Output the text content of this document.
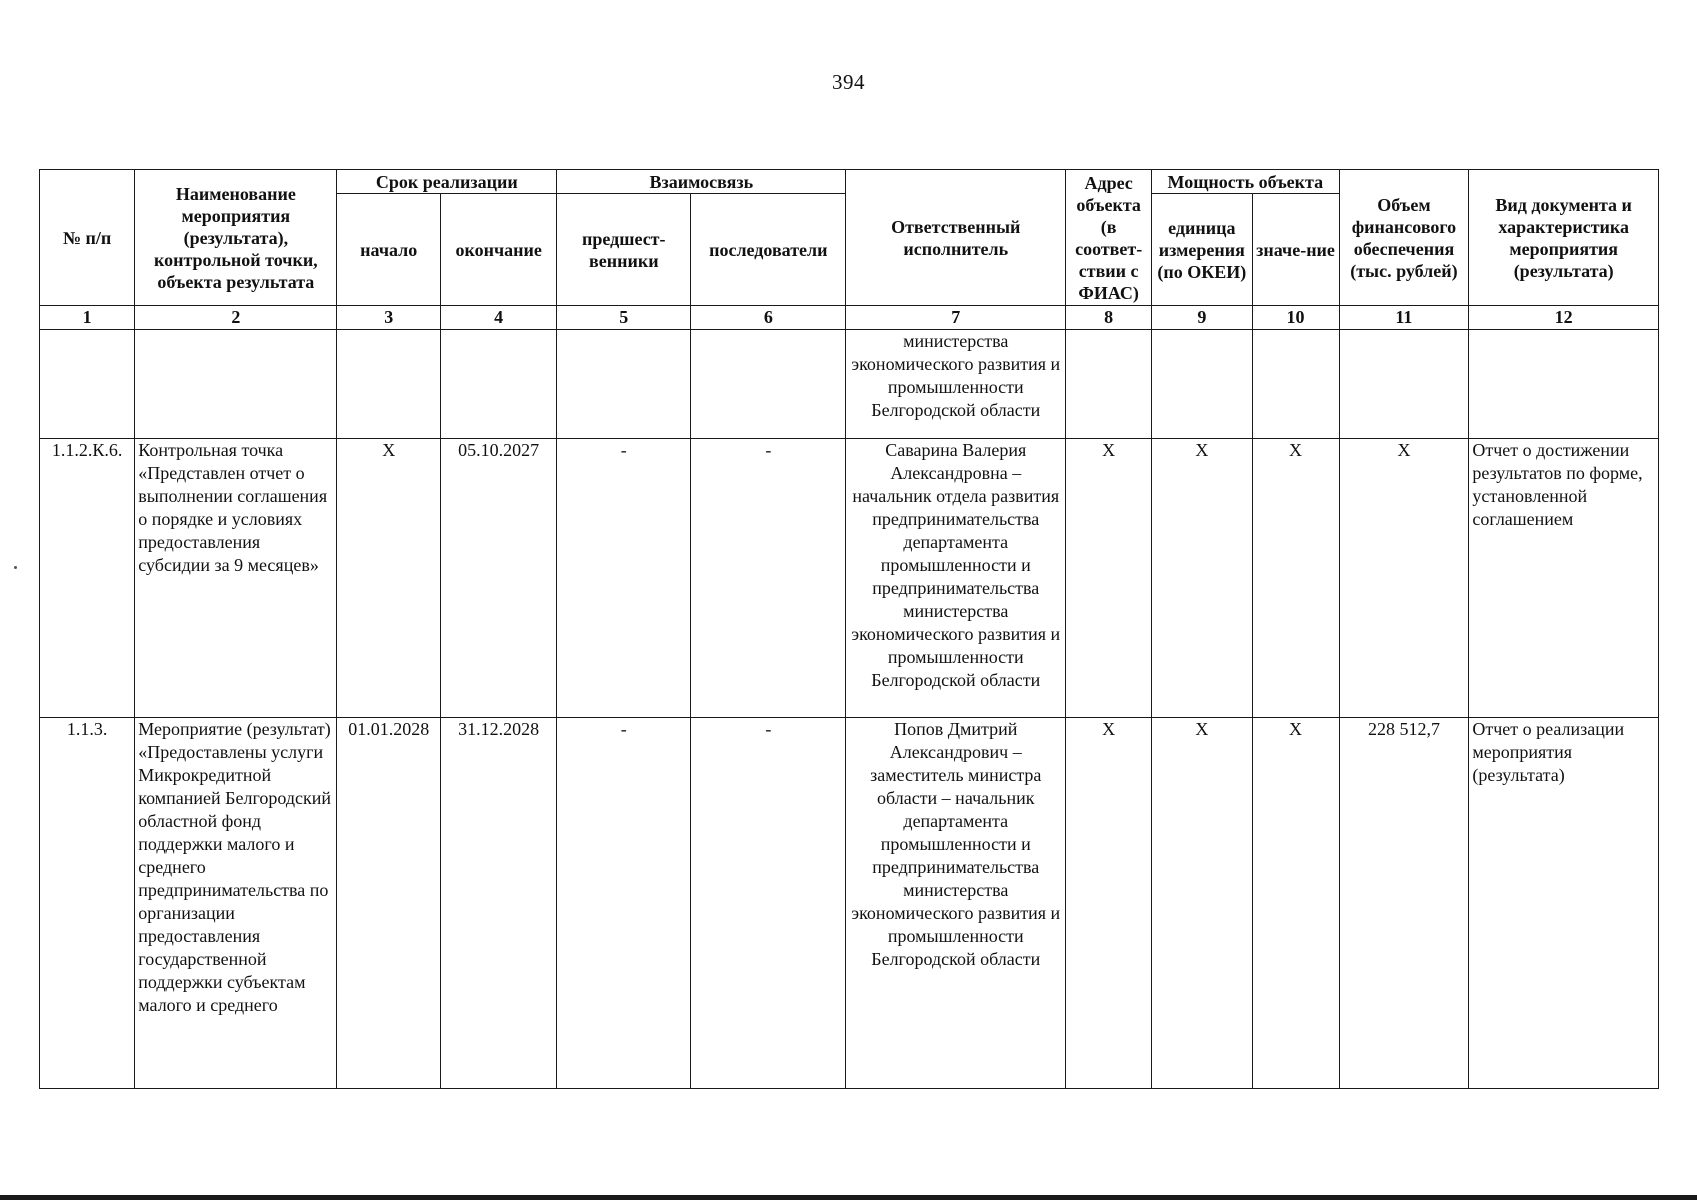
394
№ п/п	Наименование мероприятия (результата), контрольной точки, объекта результата	Срок реализации		Взаимосвязь		Ответственный исполнитель	Адрес объекта (в соответ-ствии с ФИАС)	Мощность объекта		Объем финансового обеспечения (тыс. рублей)	Вид документа и характеристика мероприятия (результата)
		начало	окончание	предшест-венники	последователи			единица измерения (по ОКЕИ)	значе-ние		
1	2	3	4	5	6	7	8	9	10	11	12
						министерства экономического развития и промышленности Белгородской области					
1.1.2.К.6.	Контрольная точка «Представлен отчет о выполнении соглашения о порядке и условиях предоставления субсидии за 9 месяцев»	X	05.10.2027	-	-	Саварина Валерия Александровна – начальник отдела развития предпринимательства департамента промышленности и предпринимательства министерства экономического развития и промышленности Белгородской области	X	X	X	X	Отчет о достижении результатов по форме, установленной соглашением
1.1.3.	Мероприятие (результат) «Предоставлены услуги Микрокредитной компанией Белгородский областной фонд поддержки малого и среднего предпринимательства по организации предоставления государственной поддержки субъектам малого и среднего	01.01.2028	31.12.2028	-	-	Попов Дмитрий Александрович – заместитель министра области – начальник департамента промышленности и предпринимательства министерства экономического развития и промышленности Белгородской области	X	X	X	228 512,7	Отчет о реализации мероприятия (результата)
